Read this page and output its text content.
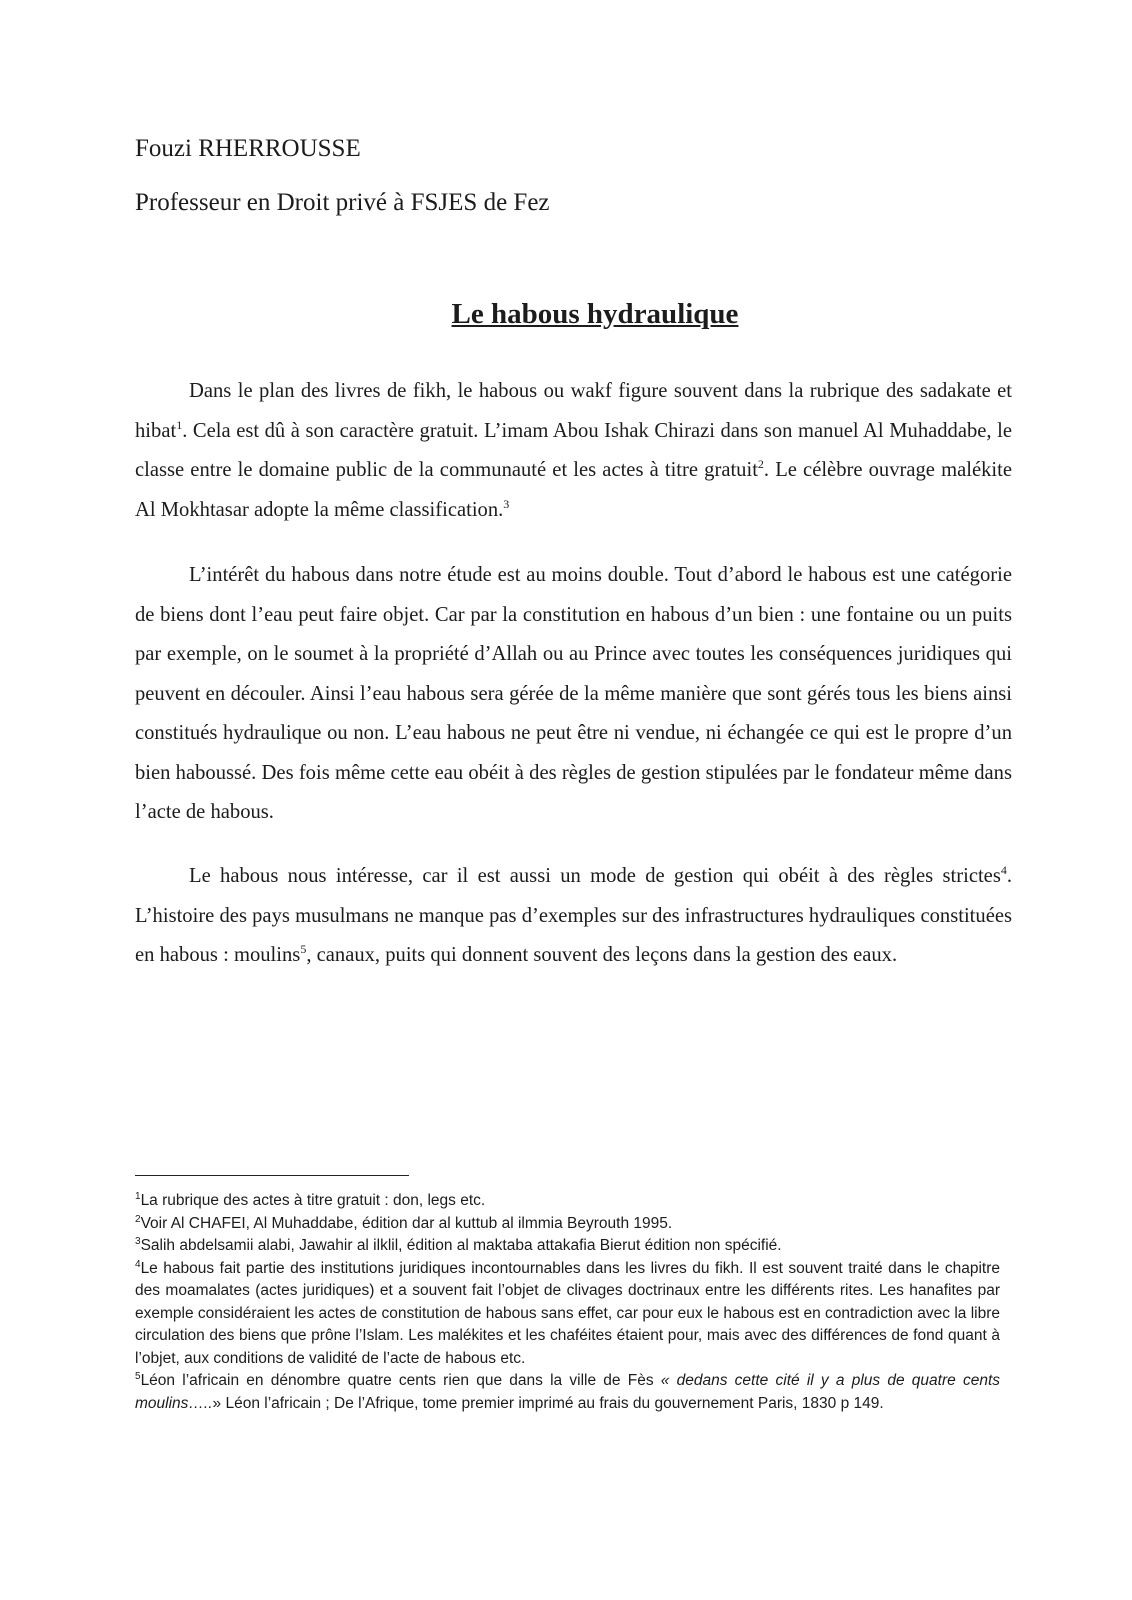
Fouzi RHERROUSSE
Professeur en Droit privé à FSJES de Fez
Le habous hydraulique

Dans le plan des livres de fikh, le habous ou wakf figure souvent dans la rubrique des sadakate et hibat$^1$. Cela est dû à son caractère gratuit. L’imam Abou Ishak Chirazi dans son manuel Al Muhaddabe, le classe entre le domaine public de la communauté et les actes à titre gratuit$^2$. Le célèbre ouvrage malékite Al Mokhtasar adopte la même classification.$^3$

L’intérêt du habous dans notre étude est au moins double. Tout d’abord le habous est une catégorie de biens dont l’eau peut faire objet. Car par la constitution en habous d’un bien : une fontaine ou un puits par exemple, on le soumet à la propriété d’Allah ou au Prince avec toutes les conséquences juridiques qui peuvent en découler. Ainsi l’eau habous sera gérée de la même manière que sont gérés tous les biens ainsi constitués hydraulique ou non. L’eau habous ne peut être ni vendue, ni échangée ce qui est le propre d’un bien haboussé. Des fois même cette eau obéit à des règles de gestion stipulées par le fondateur même dans l’acte de habous.

Le habous nous intéresse, car il est aussi un mode de gestion qui obéit à des règles strictes$^4$. L’histoire des pays musulmans ne manque pas d’exemples sur des infrastructures hydrauliques constituées en habous : moulins$^5$, canaux, puits qui donnent souvent des leçons dans la gestion des eaux.

$^1$La rubrique des actes à titre gratuit : don, legs etc.

$^2$Voir Al CHAFEI, Al Muhaddabe, édition dar al kuttub al ilmmia Beyrouth 1995.

$^3$Salih abdelsamii alabi, Jawahir al ilklil, édition al maktaba attakafia Bierut édition non spécifié.

$^4$Le habous fait partie des institutions juridiques incontournables dans les livres du fikh. Il est souvent traité dans le chapitre des moamalates (actes juridiques) et a souvent fait l’objet de clivages doctrinaux entre les différents rites. Les hanafites par exemple considéraient les actes de constitution de habous sans effet, car pour eux le habous est en contradiction avec la libre circulation des biens que prône l’Islam. Les malékites et les chaféites étaient pour, mais avec des différences de fond quant à l’objet, aux conditions de validité de l’acte de habous etc.

$^5$Léon l’africain en dénombre quatre cents rien que dans la ville de Fès « dedans cette cité il y a plus de quatre cents moulins…..» Léon l’africain ; De l’Afrique, tome premier imprimé au frais du gouvernement Paris, 1830 p 149.
